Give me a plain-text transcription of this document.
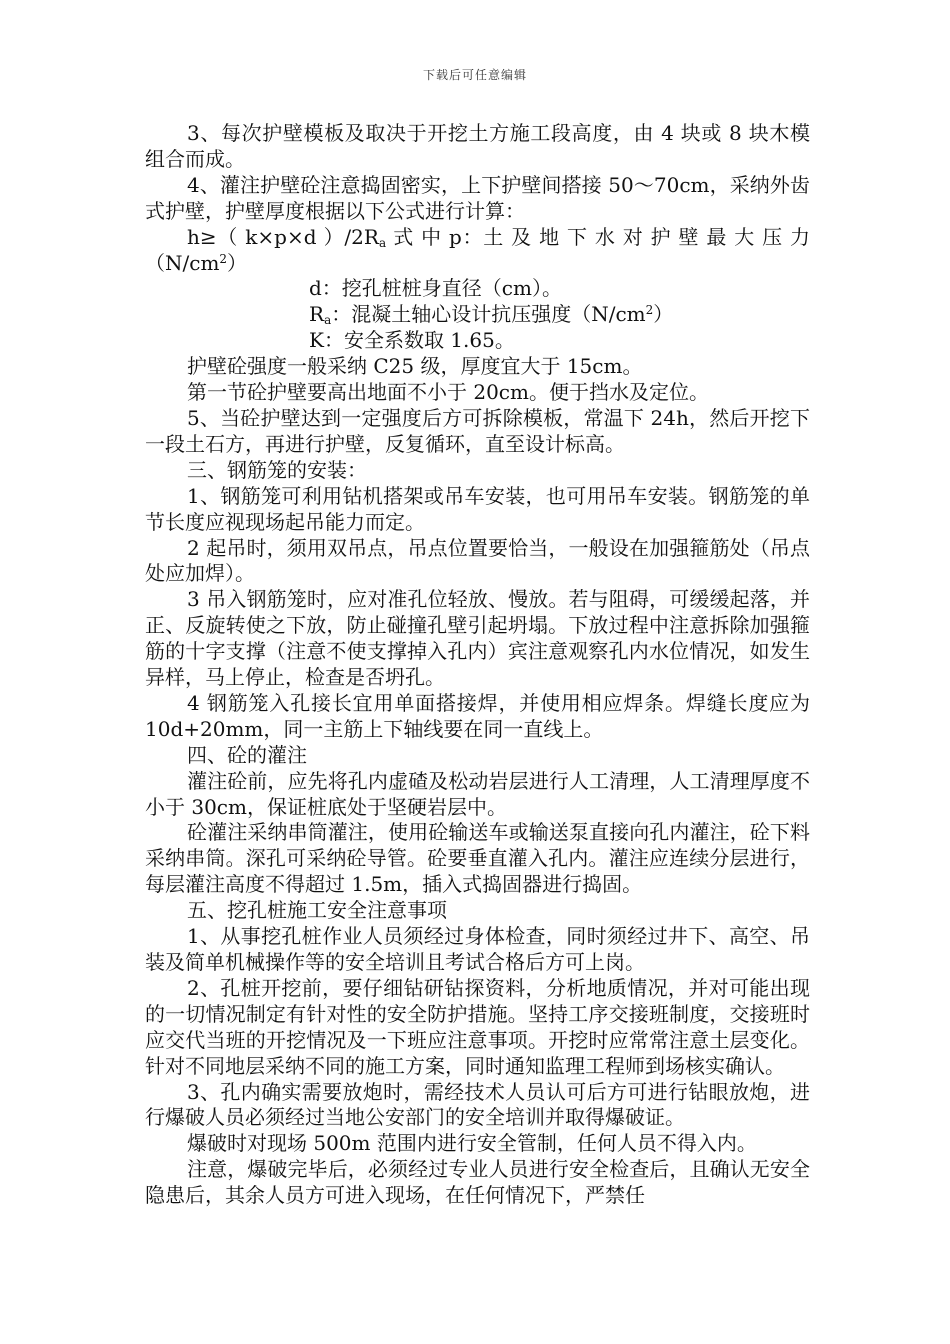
下载后可任意编辑

3、每次护壁模板及取决于开挖土方施工段高度，由 4 块或 8 块木模组合而成。

4、灌注护壁砼注意捣固密实，上下护壁间搭接 50～70cm，采纳外齿式护壁，护壁厚度根据以下公式进行计算：

h≥（ k×p×d ）$/2R_a$ 式 中 p：土 及 地 下 水 对 护 壁 最 大 压 力

$(N/cm^2)$

d：挖孔桩桩身直径（cm）。

$R_a$：混凝土轴心设计抗压强度$(N/cm^2)$

K：安全系数取 1.65。

护壁砼强度一般采纳 C25 级，厚度宜大于 15cm。

第一节砼护壁要高出地面不小于 20cm。便于挡水及定位。

5、当砼护壁达到一定强度后方可拆除模板，常温下 24h，然后开挖下一段土石方，再进行护壁，反复循环，直至设计标高。

三、钢筋笼的安装：

1、钢筋笼可利用钻机搭架或吊车安装，也可用吊车安装。钢筋笼的单节长度应视现场起吊能力而定。

2 起吊时，须用双吊点，吊点位置要恰当，一般设在加强箍筋处（吊点处应加焊）。

3 吊入钢筋笼时，应对准孔位轻放、慢放。若与阻碍，可缓缓起落，并正、反旋转使之下放，防止碰撞孔壁引起坍塌。下放过程中注意拆除加强箍筋的十字支撑（注意不使支撑掉入孔内）宾注意观察孔内水位情况，如发生异样，马上停止，检查是否坍孔。

4 钢筋笼入孔接长宜用单面搭接焊，并使用相应焊条。焊缝长度应为 10d+20mm，同一主筋上下轴线要在同一直线上。

四、砼的灌注

灌注砼前，应先将孔内虚碴及松动岩层进行人工清理，人工清理厚度不小于 30cm，保证桩底处于坚硬岩层中。

砼灌注采纳串筒灌注，使用砼输送车或输送泵直接向孔内灌注，砼下料采纳串筒。深孔可采纳砼导管。砼要垂直灌入孔内。灌注应连续分层进行，每层灌注高度不得超过 1.5m，插入式捣固器进行捣固。

五、挖孔桩施工安全注意事项

1、从事挖孔桩作业人员须经过身体检查，同时须经过井下、高空、吊装及简单机械操作等的安全培训且考试合格后方可上岗。

2、孔桩开挖前，要仔细钻研钻探资料，分析地质情况，并对可能出现的一切情况制定有针对性的安全防护措施。坚持工序交接班制度，交接班时应交代当班的开挖情况及一下班应注意事项。开挖时应常常注意土层变化。针对不同地层采纳不同的施工方案，同时通知监理工程师到场核实确认。

3、孔内确实需要放炮时，需经技术人员认可后方可进行钻眼放炮，进行爆破人员必须经过当地公安部门的安全培训并取得爆破证。

爆破时对现场 500m 范围内进行安全管制，任何人员不得入内。

注意，爆破完毕后，必须经过专业人员进行安全检查后，且确认无安全隐患后，其余人员方可进入现场，在任何情况下，严禁任
